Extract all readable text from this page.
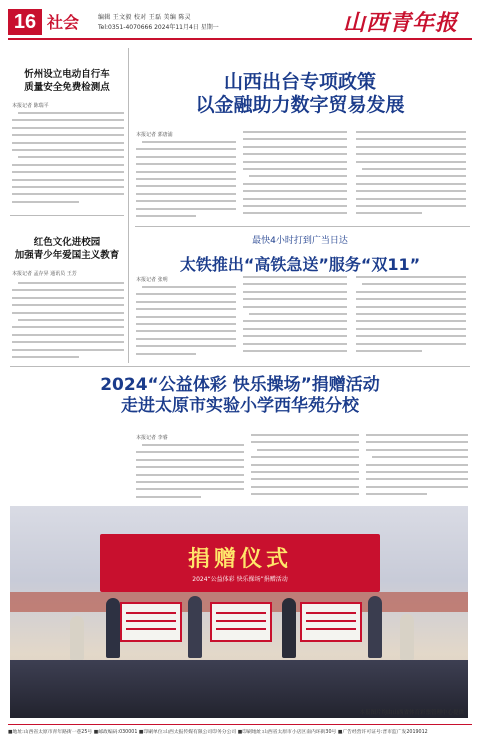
16 社会	编辑 王文毅 校对 王磊 美编 陈灵
Tel:0351-4070666 2024年11月4日 星期一	山西青年报
忻州设立电动自行车
质量安全免费检测点
本报记者 陈瑞平
山西出台专项政策
以金融助力数字贸易发展
本报记者 郭唐浦
红色文化进校园
加强青少年爱国主义教育
本报记者 孟存昇 通讯员 王芳
最快4小时打到广当日达
太铁推出“高铁急送”服务“双11”
本报记者 张明
2024“公益体彩 快乐操场”捐赠活动
走进太原市实验小学西华苑分校
本报记者 李睿
捐赠仪式
2024“公益体彩 快乐操场”捐赠活动
本报图片均由山西省体育彩票管理中心提供
■地址:山西省太原市青年路街一巷25号 ■邮政编码:030001 ■印刷单位:山西太报传媒有限公司印务分公司 ■印刷地址:山西省太原市小店区南内环街30号 ■广告经营许可证号:晋市监广发2019012
